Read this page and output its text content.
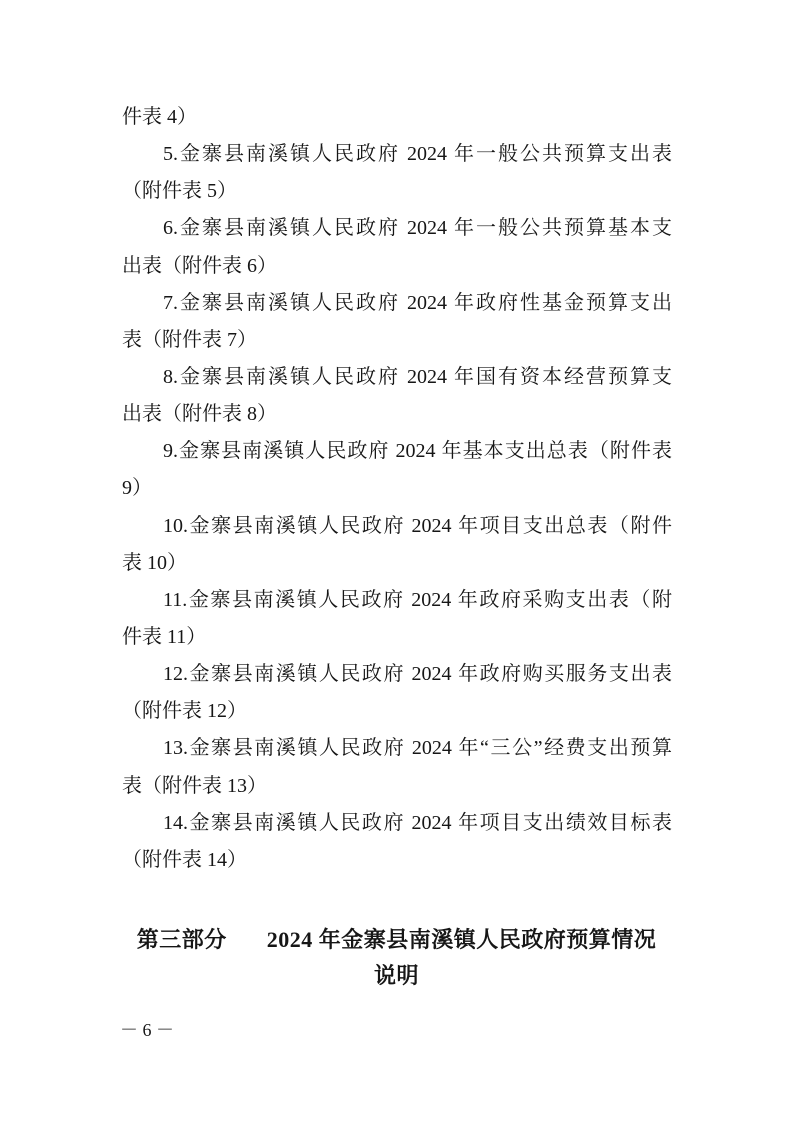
件表 4）
5.金寨县南溪镇人民政府 2024 年一般公共预算支出表
（附件表 5）
6.金寨县南溪镇人民政府 2024 年一般公共预算基本支
出表（附件表 6）
7.金寨县南溪镇人民政府 2024 年政府性基金预算支出
表（附件表 7）
8.金寨县南溪镇人民政府 2024 年国有资本经营预算支
出表（附件表 8）
9.金寨县南溪镇人民政府 2024 年基本支出总表（附件表
9）
10.金寨县南溪镇人民政府 2024 年项目支出总表（附件
表 10）
11.金寨县南溪镇人民政府 2024 年政府采购支出表（附
件表 11）
12.金寨县南溪镇人民政府 2024 年政府购买服务支出表
（附件表 12）
13.金寨县南溪镇人民政府 2024 年“三公”经费支出预算
表（附件表 13）
14.金寨县南溪镇人民政府 2024 年项目支出绩效目标表
（附件表 14）
第三部分 2024 年金寨县南溪镇人民政府预算情况
说明
－ 6 －
